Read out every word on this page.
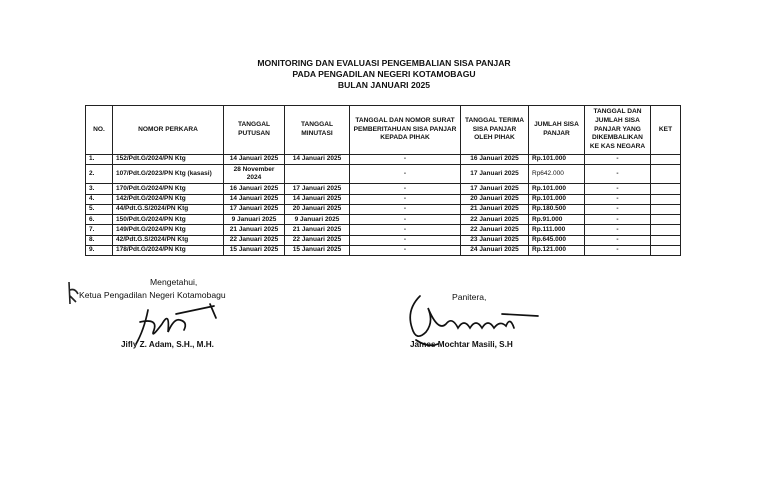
MONITORING DAN EVALUASI PENGEMBALIAN SISA PANJAR
PADA PENGADILAN NEGERI KOTAMOBAGU
BULAN JANUARI 2025
NO.	NOMOR PERKARA	TANGGAL PUTUSAN	TANGGAL MINUTASI	TANGGAL DAN NOMOR SURAT PEMBERITAHUAN SISA PANJAR KEPADA PIHAK	TANGGAL TERIMA SISA PANJAR OLEH PIHAK	JUMLAH SISA PANJAR	TANGGAL DAN JUMLAH SISA PANJAR YANG DIKEMBALIKAN KE KAS NEGARA	KET
1.	152/Pdt.G/2024/PN Ktg	14 Januari 2025	14 Januari 2025	-	16 Januari 2025	Rp.101.000	-	
2.	107/Pdt.G/2023/PN Ktg (kasasi)	28 November 2024		-	17 Januari 2025	Rp642.000	-	
3.	170/Pdt.G/2024/PN Ktg	16 Januari 2025	17 Januari 2025	-	17 Januari 2025	Rp.101.000	-	
4.	142/Pdt.G/2024/PN Ktg	14 Januari 2025	14 Januari 2025	-	20 Januari 2025	Rp.101.000	-	
5.	44/Pdt.G.S/2024/PN Ktg	17 Januari 2025	20 Januari 2025	-	21 Januari 2025	Rp.180.500	-	
6.	150/Pdt.G/2024/PN Ktg	9 Januari 2025	9 Januari 2025	-	22 Januari 2025	Rp.91.000	-	
7.	149/Pdt.G/2024/PN Ktg	21 Januari 2025	21 Januari 2025	-	22 Januari 2025	Rp.111.000	-	
8.	42/Pdt.G.S/2024/PN Ktg	22 Januari 2025	22 Januari 2025	-	23 Januari 2025	Rp.645.000	-	
9.	178/Pdt.G/2024/PN Ktg	15 Januari 2025	15 Januari 2025	-	24 Januari 2025	Rp.121.000	-	
Mengetahui,
Ketua Pengadilan Negeri Kotamobagu
Jifly Z. Adam, S.H., M.H.
Panitera,
James Mochtar Masili, S.H
